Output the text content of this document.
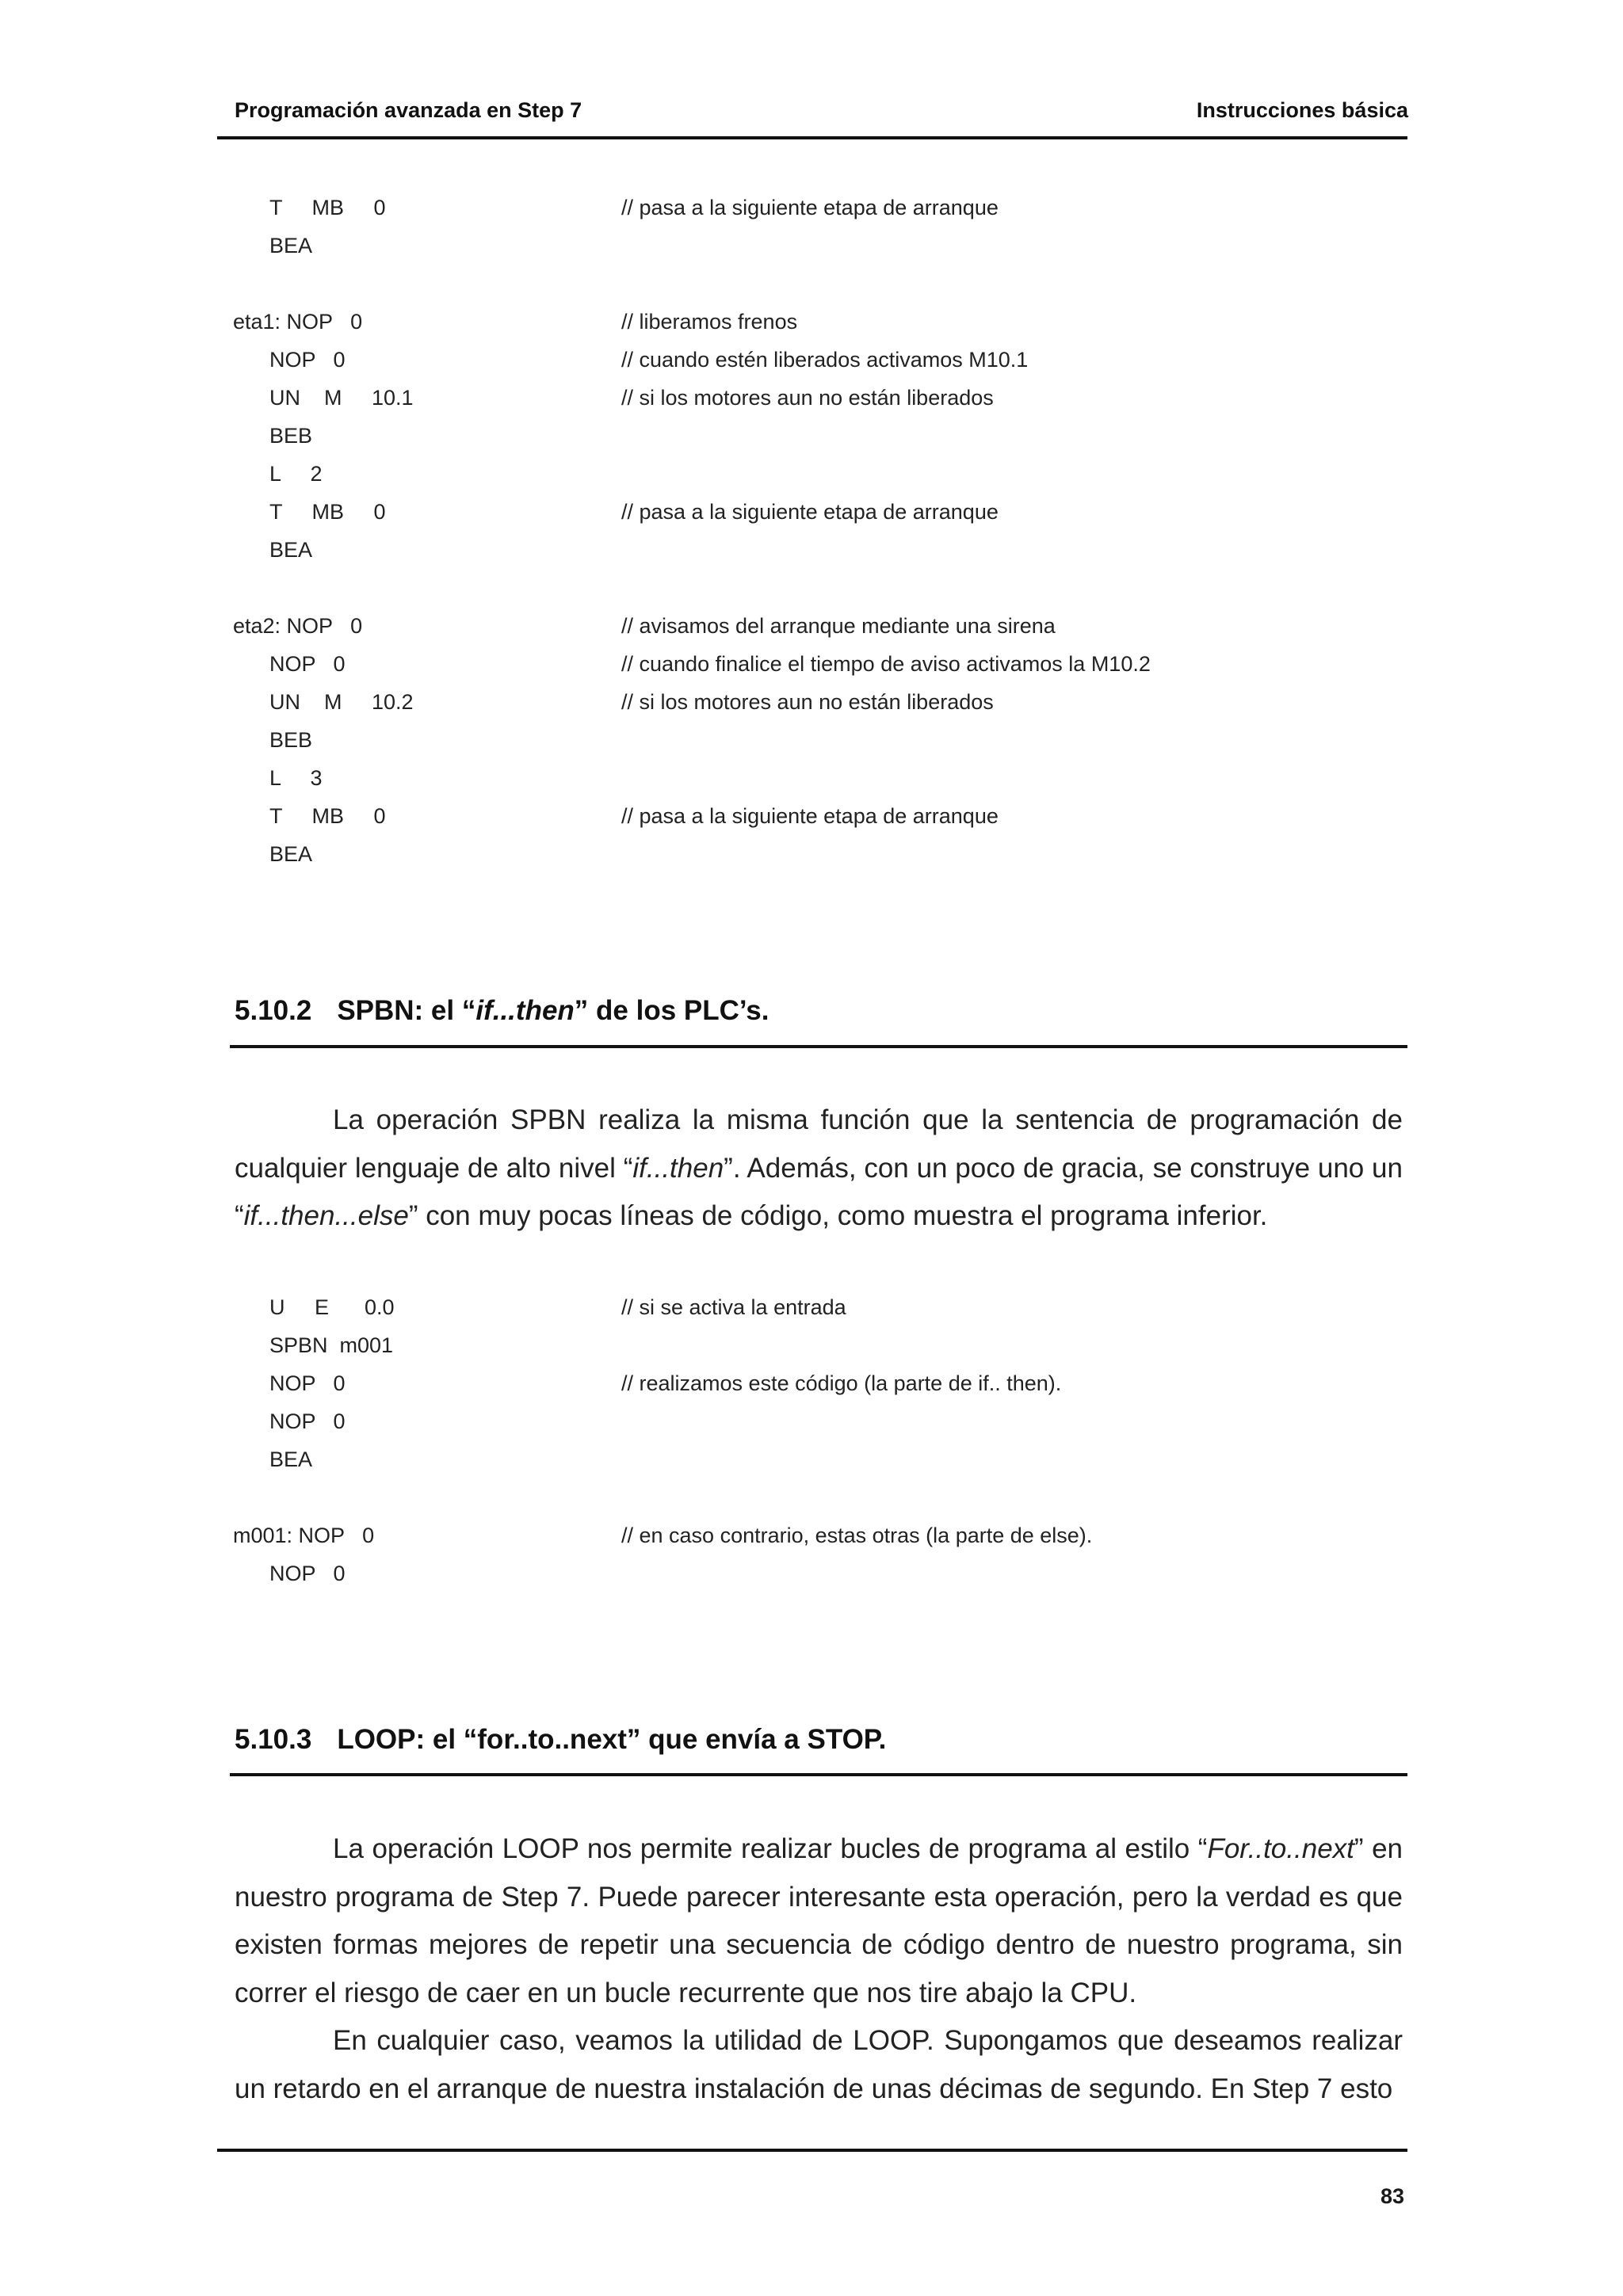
Programación avanzada en Step 7	Instrucciones básica
T     MB     0	// pasa a la siguiente etapa de arranque
BEA
eta1: NOP   0	// liberamos frenos
NOP   0	// cuando estén liberados activamos M10.1
UN    M     10.1	// si los motores aun no están liberados
BEB
L     2
T     MB     0	// pasa a la siguiente etapa de arranque
BEA
eta2: NOP   0	// avisamos del arranque mediante una sirena
NOP   0	// cuando finalice el tiempo de aviso activamos la M10.2
UN    M     10.2	// si los motores aun no están liberados
BEB
L     3
T     MB     0	// pasa a la siguiente etapa de arranque
BEA
5.10.2 SPBN: el “if...then” de los PLC’s.

La operación SPBN realiza la misma función que la sentencia de programación de cualquier lenguaje de alto nivel “if...then”. Además, con un poco de gracia, se construye uno un “if...then...else” con muy pocas líneas de código, como muestra el programa inferior.

U     E      0.0	// si se activa la entrada
SPBN  m001
NOP   0	// realizamos este código (la parte de if.. then).
NOP   0
BEA
m001: NOP   0	// en caso contrario, estas otras (la parte de else).
NOP   0
5.10.3 LOOP: el “for..to..next” que envía a STOP.

La operación LOOP nos permite realizar bucles de programa al estilo “For..to..next” en nuestro programa de Step 7. Puede parecer interesante esta operación, pero la verdad es que existen formas mejores de repetir una secuencia de código dentro de nuestro programa, sin correr el riesgo de caer en un bucle recurrente que nos tire abajo la CPU.

En cualquier caso, veamos la utilidad de LOOP. Supongamos que deseamos realizar un retardo en el arranque de nuestra instalación de unas décimas de segundo. En Step 7 esto

83
